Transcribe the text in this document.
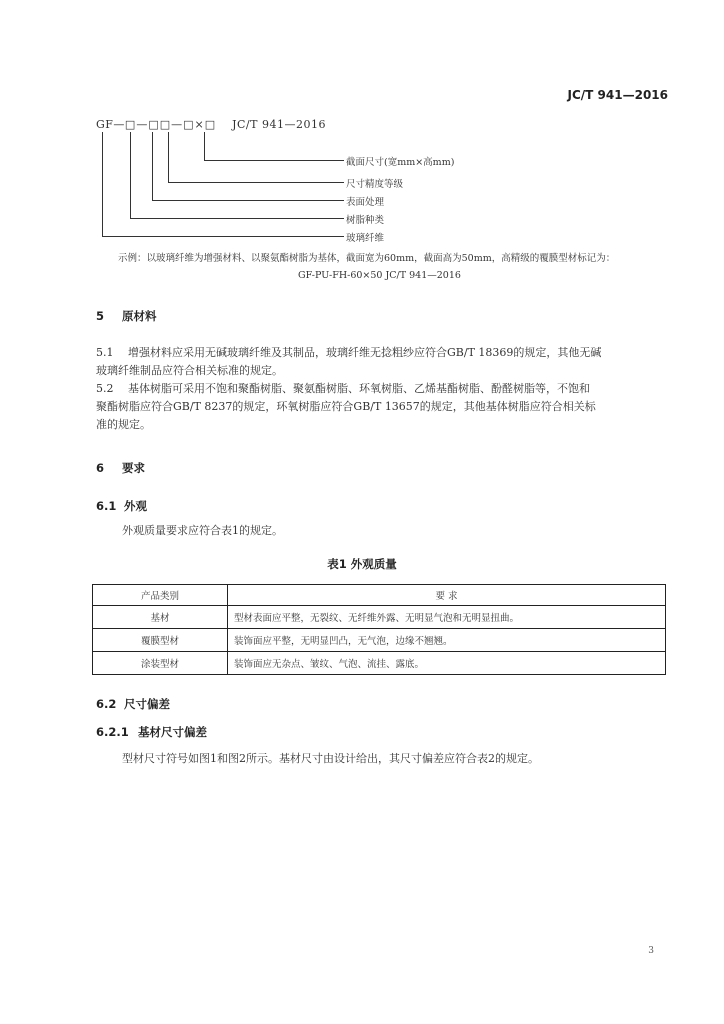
JC/T 941—2016
GF—□—□□—□×□ JC/T 941—2016
截面尺寸(宽mm×高mm)
尺寸精度等级
表面处理
树脂种类
玻璃纤维
示例：以玻璃纤维为增强材料、以聚氨酯树脂为基体，截面宽为60mm，截面高为50mm，高精级的覆膜型材标记为：
GF-PU-FH-60×50 JC/T 941—2016
5 原材料
5.1 增强材料应采用无碱玻璃纤维及其制品，玻璃纤维无捻粗纱应符合GB/T 18369的规定，其他无碱
玻璃纤维制品应符合相关标准的规定。
5.2 基体树脂可采用不饱和聚酯树脂、聚氨酯树脂、环氧树脂、乙烯基酯树脂、酚醛树脂等，不饱和
聚酯树脂应符合GB/T 8237的规定，环氧树脂应符合GB/T 13657的规定，其他基体树脂应符合相关标
准的规定。
6 要求
6.1 外观
外观质量要求应符合表1的规定。
表1 外观质量
产品类别	要 求
基材	型材表面应平整，无裂纹、无纤维外露、无明显气泡和无明显扭曲。
覆膜型材	装饰面应平整，无明显凹凸，无气泡，边缘不翘翘。
涂装型材	装饰面应无杂点、皱纹、气泡、流挂、露底。
6.2 尺寸偏差
6.2.1 基材尺寸偏差
型材尺寸符号如图1和图2所示。基材尺寸由设计给出，其尺寸偏差应符合表2的规定。
3
